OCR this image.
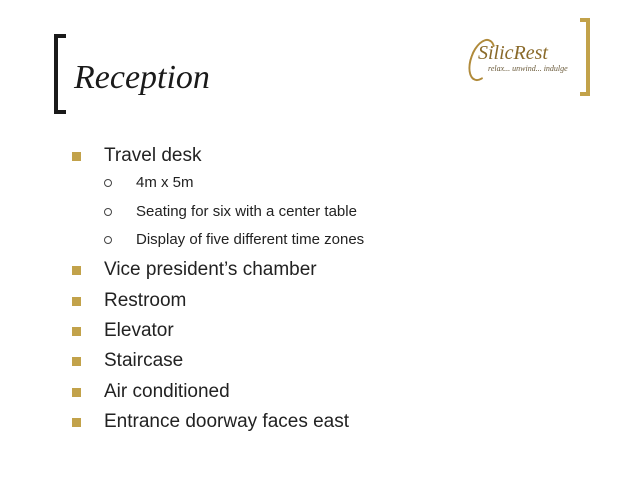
Reception
SilicRest
relax... unwind... indulge
Travel desk
4m x 5m
Seating for six with a center table
Display of five different time zones
Vice president’s chamber
Restroom
Elevator
Staircase
Air conditioned
Entrance doorway faces east
